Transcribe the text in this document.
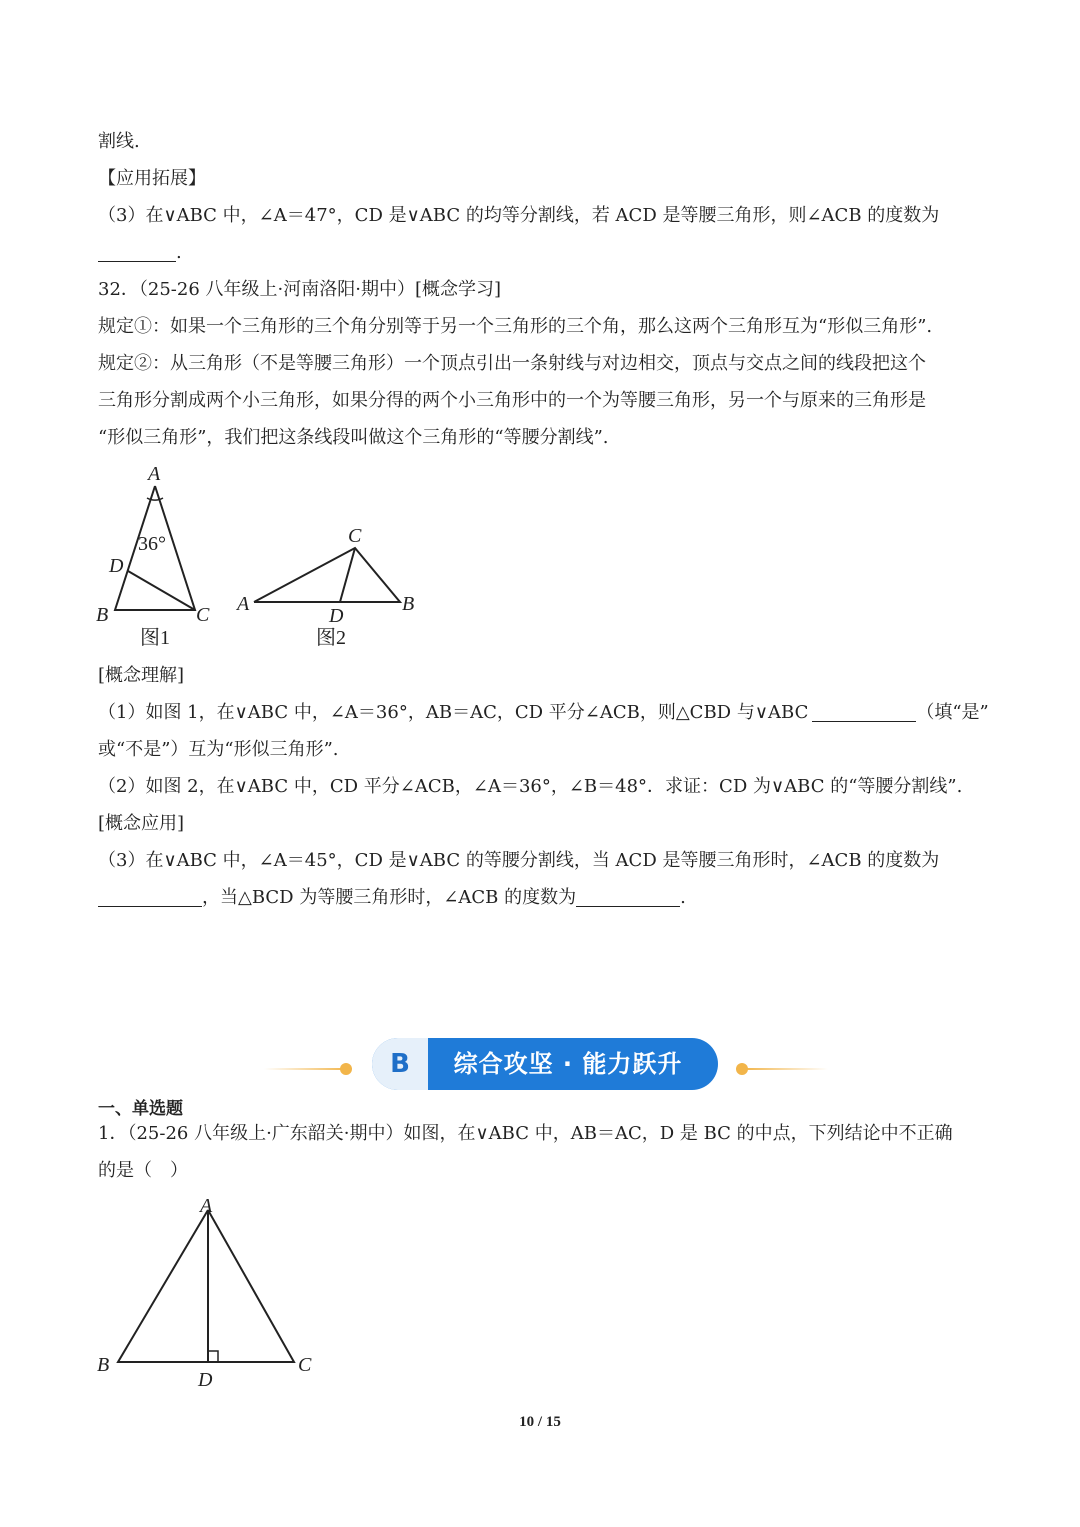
割线.
【应用拓展】
（3）在∨ABC 中，∠A＝47°，CD 是∨ABC 的均等分割线，若 ACD 是等腰三角形，则∠ACB 的度数为
.
32．（25-26 八年级上·河南洛阳·期中）[概念学习]
规定①：如果一个三角形的三个角分别等于另一个三角形的三个角，那么这两个三角形互为“形似三角形”.
规定②：从三角形（不是等腰三角形）一个顶点引出一条射线与对边相交，顶点与交点之间的线段把这个
三角形分割成两个小三角形，如果分得的两个小三角形中的一个为等腰三角形，另一个与原来的三角形是
“形似三角形”，我们把这条线段叫做这个三角形的“等腰分割线”.
A
B	C
D
36°
图1
A	B
C
D
图2
[概念理解]
（1）如图 1，在∨ABC 中，∠A＝36°，AB＝AC，CD 平分∠ACB，则△CBD 与∨ABC	（填“是”
或“不是”）互为“形似三角形”.
（2）如图 2，在∨ABC 中，CD 平分∠ACB，∠A＝36°，∠B＝48°．求证：CD 为∨ABC 的“等腰分割线”.
[概念应用]
（3）在∨ABC 中，∠A＝45°，CD 是∨ABC 的等腰分割线，当 ACD 是等腰三角形时，∠ACB 的度数为
，当△BCD 为等腰三角形时，∠ACB 的度数为	.
B	综合攻坚 · 能力跃升
一、单选题
1．（25-26 八年级上·广东韶关·期中）如图，在∨ABC 中，AB＝AC，D 是 BC 的中点，下列结论中不正确
的是（　）
A
B	C
D
10 / 15
